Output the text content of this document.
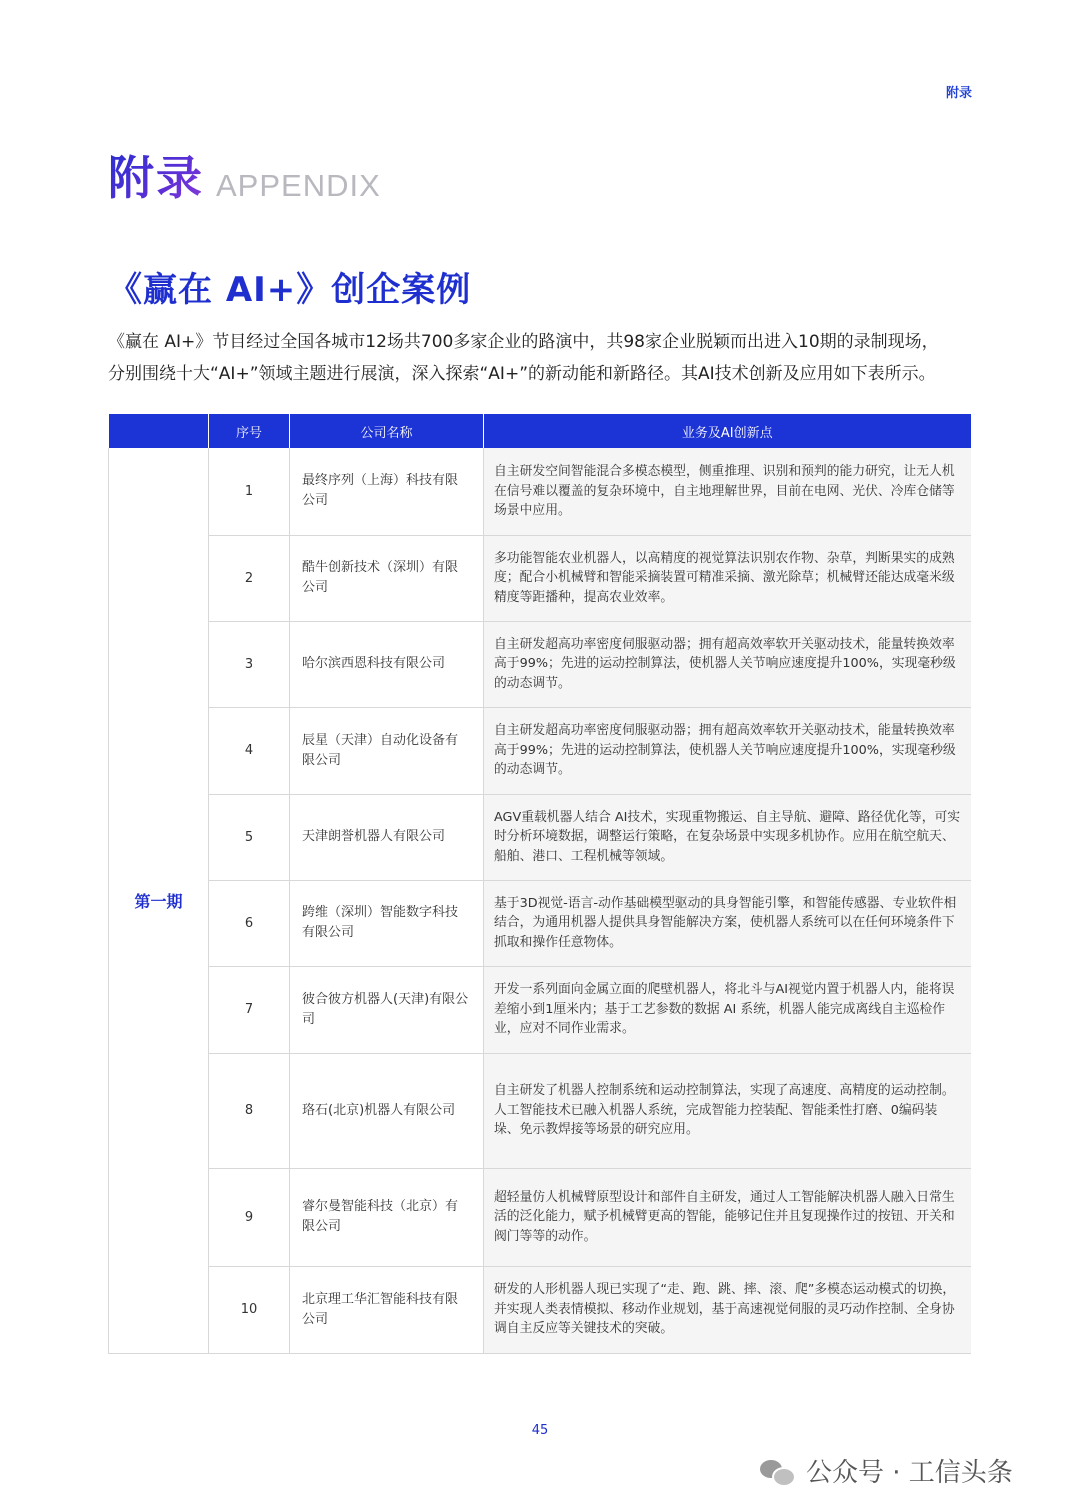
附录
附录 APPENDIX
《赢在 AI+》创企案例

《赢在 AI+》节目经过全国各城市12场共700多家企业的路演中，共98家企业脱颖而出进入10期的录制现场，

分别围绕十大“AI+”领域主题进行展演，深入探索“AI+”的新动能和新路径。其AI技术创新及应用如下表所示。

	序号	公司名称	业务及AI创新点
第一期	1	最终序列（上海）科技有限公司	自主研发空间智能混合多模态模型，侧重推理、识别和预判的能力研究，让无人机在信号难以覆盖的复杂环境中，自主地理解世界，目前在电网、光伏、冷库仓储等场景中应用。
	2	酷牛创新技术（深圳）有限公司	多功能智能农业机器人，以高精度的视觉算法识别农作物、杂草，判断果实的成熟度；配合小机械臂和智能采摘装置可精准采摘、激光除草；机械臂还能达成毫米级精度等距播种，提高农业效率。
	3	哈尔滨西恩科技有限公司	自主研发超高功率密度伺服驱动器；拥有超高效率软开关驱动技术，能量转换效率高于99%；先进的运动控制算法，使机器人关节响应速度提升100%，实现毫秒级的动态调节。
	4	辰星（天津）自动化设备有限公司	自主研发超高功率密度伺服驱动器；拥有超高效率软开关驱动技术，能量转换效率高于99%；先进的运动控制算法，使机器人关节响应速度提升100%，实现毫秒级的动态调节。
	5	天津朗誉机器人有限公司	AGV重载机器人结合 AI技术，实现重物搬运、自主导航、避障、路径优化等，可实时分析环境数据，调整运行策略，在复杂场景中实现多机协作。应用在航空航天、船舶、港口、工程机械等领域。
	6	跨维（深圳）智能数字科技有限公司	基于3D视觉-语言-动作基础模型驱动的具身智能引擎，和智能传感器、专业软件相结合，为通用机器人提供具身智能解决方案，使机器人系统可以在任何环境条件下抓取和操作任意物体。
	7	彼合彼方机器人(天津)有限公司	开发一系列面向金属立面的爬壁机器人，将北斗与AI视觉内置于机器人内，能将误差缩小到1厘米内；基于工艺参数的数据 AI 系统，机器人能完成离线自主巡检作业，应对不同作业需求。
	8	珞石(北京)机器人有限公司	自主研发了机器人控制系统和运动控制算法，实现了高速度、高精度的运动控制。人工智能技术已融入机器人系统，完成智能力控装配、智能柔性打磨、0编码装垛、免示教焊接等场景的研究应用。
	9	睿尔曼智能科技（北京）有限公司	超轻量仿人机械臂原型设计和部件自主研发，通过人工智能解决机器人融入日常生活的泛化能力，赋予机械臂更高的智能，能够记住并且复现操作过的按钮、开关和阀门等等的动作。
	10	北京理工华汇智能科技有限公司	研发的人形机器人现已实现了“走、跑、跳、摔、滚、爬”多模态运动模式的切换，并实现人类表情模拟、移动作业规划，基于高速视觉伺服的灵巧动作控制、全身协调自主反应等关键技术的突破。
45
公众号 · 工信头条
